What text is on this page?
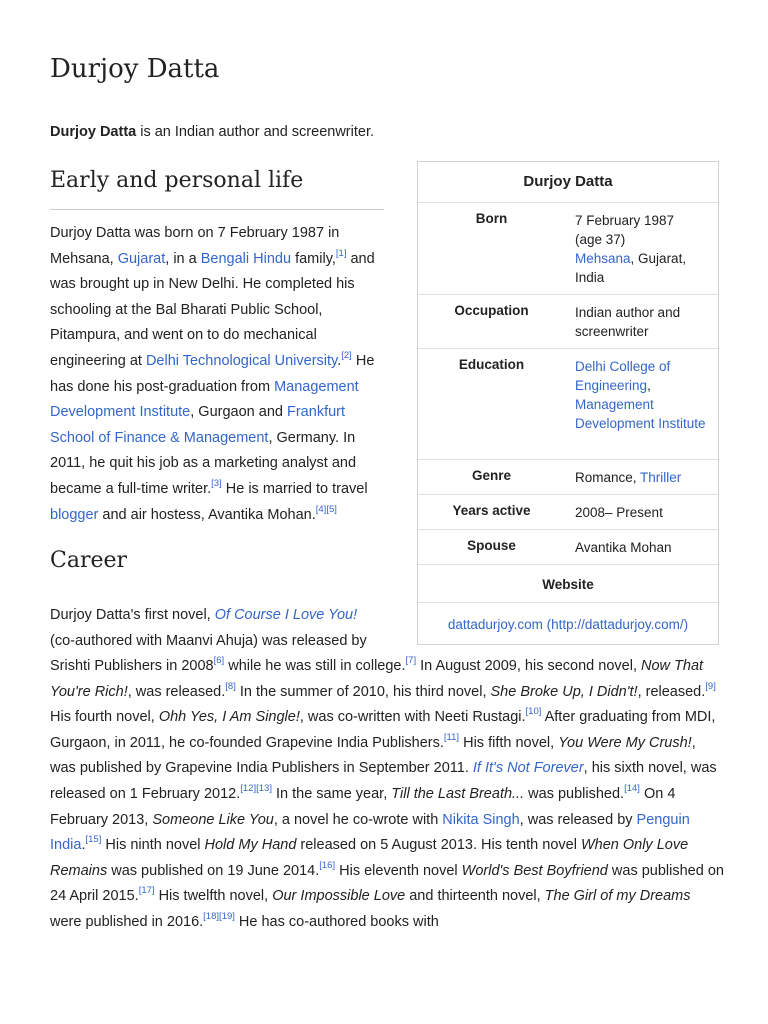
Durjoy Datta

Durjoy Datta is an Indian author and screenwriter.

Early and personal life

Durjoy Datta was born on 7 February 1987 in Mehsana, Gujarat, in a Bengali Hindu family,[1] and was brought up in New Delhi. He completed his schooling at the Bal Bharati Public School, Pitampura, and went on to do mechanical engineering at Delhi Technological University.[2] He has done his post-graduation from Management Development Institute, Gurgaon and Frankfurt School of Finance & Management, Germany. In 2011, he quit his job as a marketing analyst and became a full-time writer.[3] He is married to travel blogger and air hostess, Avantika Mohan.[4][5]

Career

Durjoy Datta's first novel, Of Course I Love You! (co-authored with Maanvi Ahuja) was released by

Srishti Publishers in 2008[6] while he was still in college.[7] In August 2009, his second novel, Now That You're Rich!, was released.[8] In the summer of 2010, his third novel, She Broke Up, I Didn't!, released.[9] His fourth novel, Ohh Yes, I Am Single!, was co-written with Neeti Rustagi.[10] After graduating from MDI, Gurgaon, in 2011, he co-founded Grapevine India Publishers.[11] His fifth novel, You Were My Crush!, was published by Grapevine India Publishers in September 2011. If It's Not Forever, his sixth novel, was released on 1 February 2012.[12][13] In the same year, Till the Last Breath... was published.[14] On 4 February 2013, Someone Like You, a novel he co-wrote with Nikita Singh, was released by Penguin India.[15] His ninth novel Hold My Hand released on 5 August 2013. His tenth novel When Only Love Remains was published on 19 June 2014.[16] His eleventh novel World's Best Boyfriend was published on 24 April 2015.[17] His twelfth novel, Our Impossible Love and thirteenth novel, The Girl of my Dreams were published in 2016.[18][19] He has co-authored books with

Durjoy Datta
Born	7 February 1987
(age 37)
Mehsana, Gujarat, India
Occupation	Indian author and screenwriter
Education	Delhi College of Engineering, Management Development Institute
Genre	Romance, Thriller
Years active	2008– Present
Spouse	Avantika Mohan
Website
dattadurjoy.com (http://dattadurjoy.com/)
